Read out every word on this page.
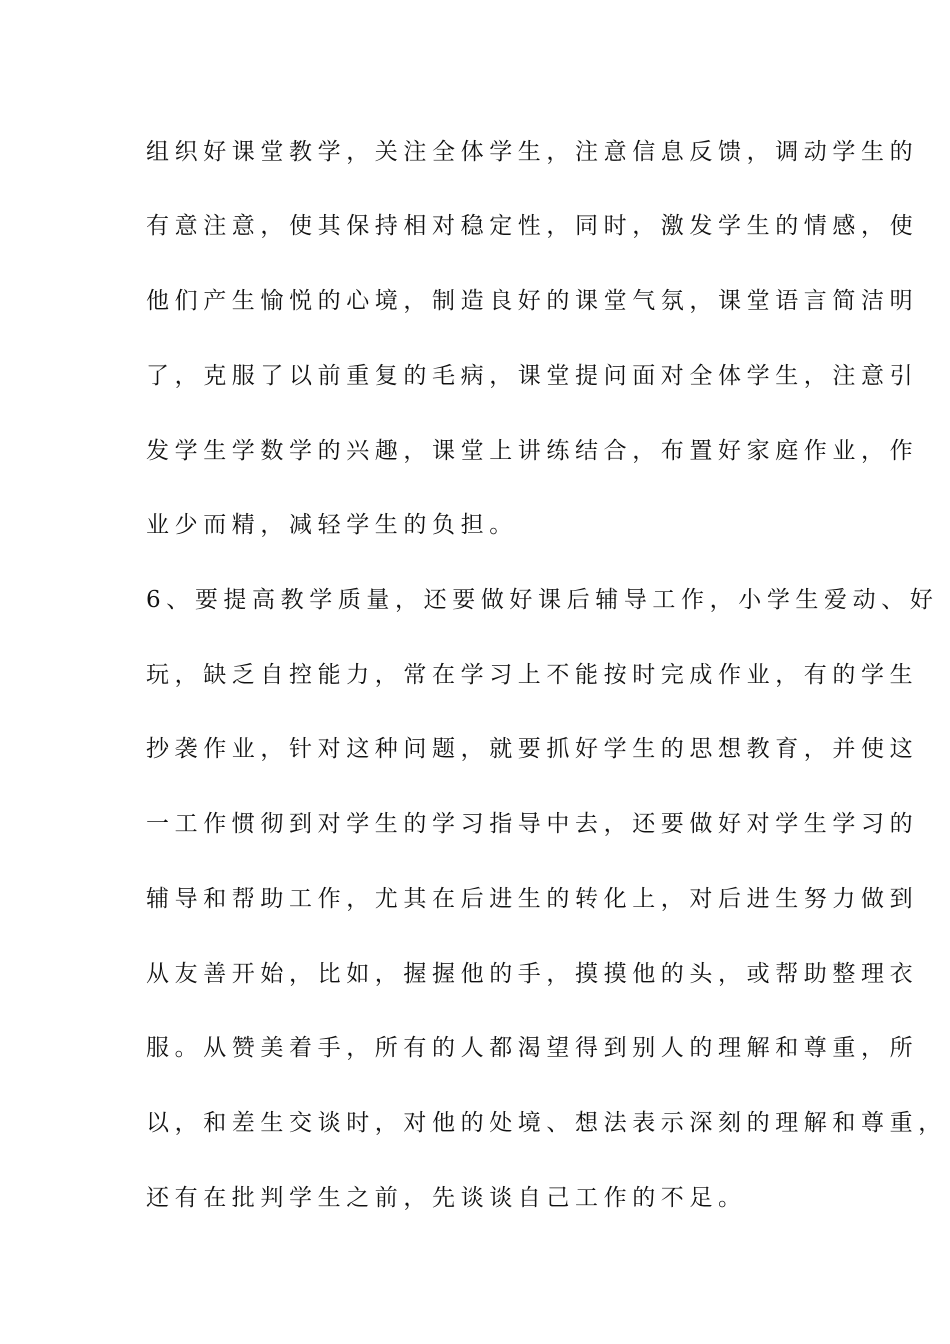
组织好课堂教学，关注全体学生，注意信息反馈，调动学生的
有意注意，使其保持相对稳定性，同时，激发学生的情感，使
他们产生愉悦的心境，制造良好的课堂气氛，课堂语言简洁明
了，克服了以前重复的毛病，课堂提问面对全体学生，注意引
发学生学数学的兴趣，课堂上讲练结合，布置好家庭作业，作
业少而精，减轻学生的负担。
6、要提高教学质量，还要做好课后辅导工作，小学生爱动、好
玩，缺乏自控能力，常在学习上不能按时完成作业，有的学生
抄袭作业，针对这种问题，就要抓好学生的思想教育，并使这
一工作惯彻到对学生的学习指导中去，还要做好对学生学习的
辅导和帮助工作，尤其在后进生的转化上，对后进生努力做到
从友善开始，比如，握握他的手，摸摸他的头，或帮助整理衣
服。从赞美着手，所有的人都渴望得到别人的理解和尊重，所
以，和差生交谈时，对他的处境、想法表示深刻的理解和尊重，
还有在批判学生之前，先谈谈自己工作的不足。
